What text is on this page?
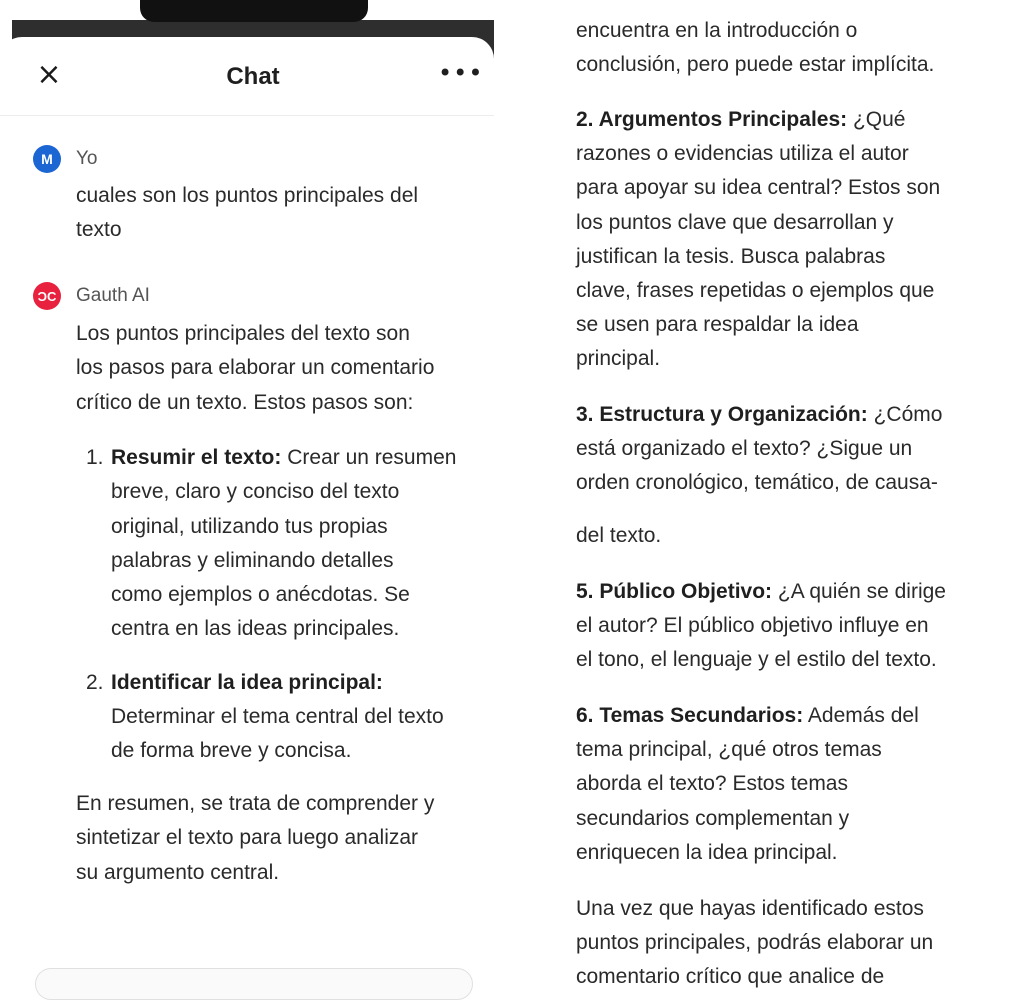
×	Chat	•••
M	Yo
cuales son los puntos principales del
texto
ƆC Gauth AI
Los puntos principales del texto son
los pasos para elaborar un comentario
crítico de un texto. Estos pasos son:
1. Resumir el texto: Crear un resumen
breve, claro y conciso del texto
original, utilizando tus propias
palabras y eliminando detalles
como ejemplos o anécdotas. Se
centra en las ideas principales.
2. Identificar la idea principal:
Determinar el tema central del texto
de forma breve y concisa.
En resumen, se trata de comprender y
sintetizar el texto para luego analizar
su argumento central.
encuentra en la introducción o
conclusión, pero puede estar implícita.
2. Argumentos Principales: ¿Qué
razones o evidencias utiliza el autor
para apoyar su idea central? Estos son
los puntos clave que desarrollan y
justifican la tesis. Busca palabras
clave, frases repetidas o ejemplos que
se usen para respaldar la idea
principal.
3. Estructura y Organización: ¿Cómo
está organizado el texto? ¿Sigue un
orden cronológico, temático, de causa-
del texto.
5. Público Objetivo: ¿A quién se dirige
el autor? El público objetivo influye en
el tono, el lenguaje y el estilo del texto.
6. Temas Secundarios: Además del
tema principal, ¿qué otros temas
aborda el texto? Estos temas
secundarios complementan y
enriquecen la idea principal.
Una vez que hayas identificado estos
puntos principales, podrás elaborar un
comentario crítico que analice de
